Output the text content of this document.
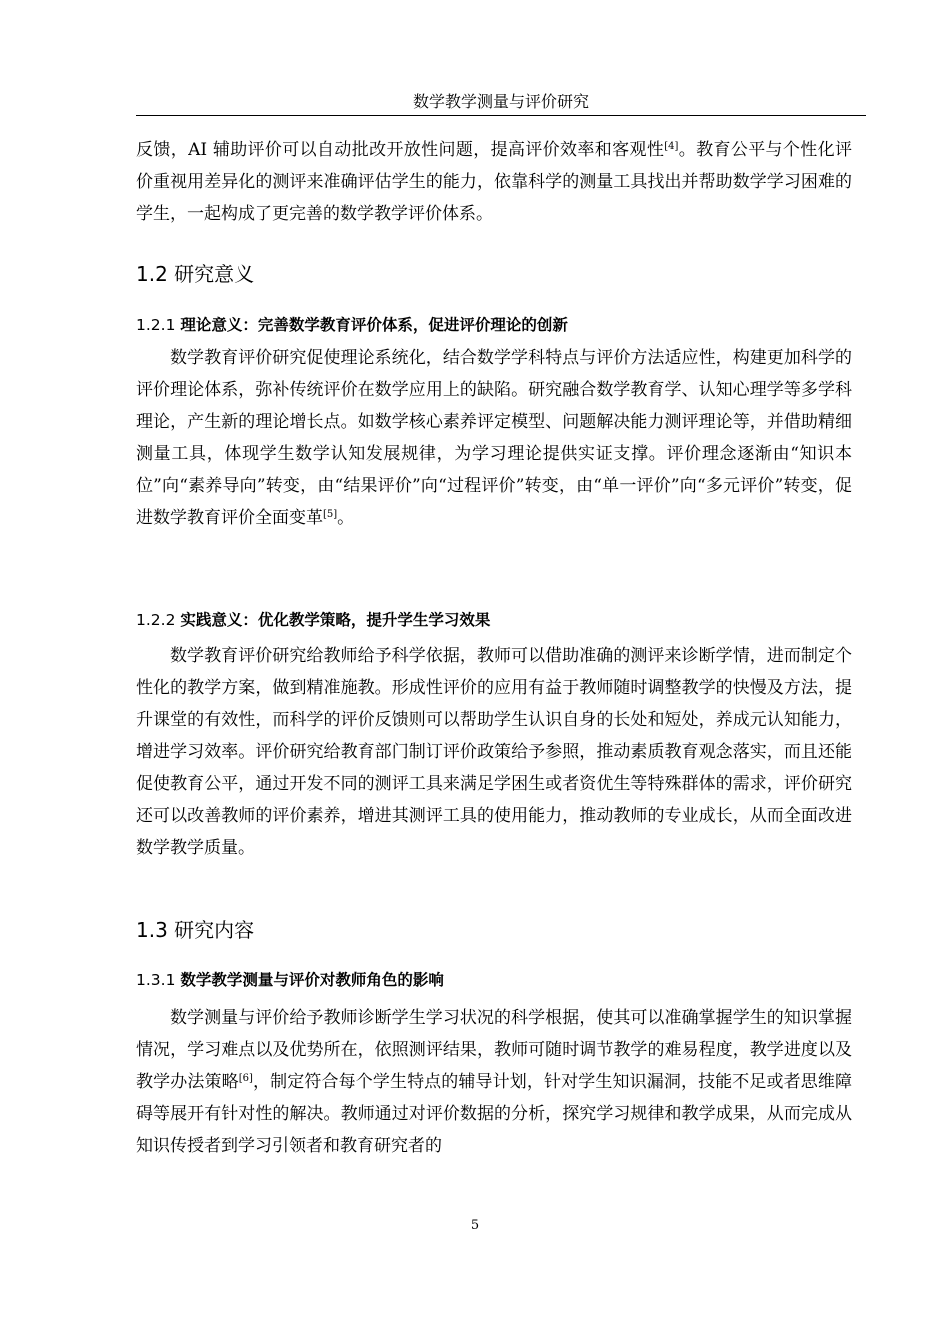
数学教学测量与评价研究
反馈，AI 辅助评价可以自动批改开放性问题，提高评价效率和客观性[4]。教育公平与个性化评价重视用差异化的测评来准确评估学生的能力，依靠科学的测量工具找出并帮助数学学习困难的学生，一起构成了更完善的数学教学评价体系。
1.2 研究意义
1.2.1 理论意义：完善数学教育评价体系，促进评价理论的创新
数学教育评价研究促使理论系统化，结合数学学科特点与评价方法适应性，构建更加科学的评价理论体系，弥补传统评价在数学应用上的缺陷。研究融合数学教育学、认知心理学等多学科理论，产生新的理论增长点。如数学核心素养评定模型、问题解决能力测评理论等，并借助精细测量工具，体现学生数学认知发展规律，为学习理论提供实证支撑。评价理念逐渐由“知识本位”向“素养导向”转变，由“结果评价”向“过程评价”转变，由“单一评价”向“多元评价”转变，促进数学教育评价全面变革[5]。
1.2.2 实践意义：优化教学策略，提升学生学习效果
数学教育评价研究给教师给予科学依据，教师可以借助准确的测评来诊断学情，进而制定个性化的教学方案，做到精准施教。形成性评价的应用有益于教师随时调整教学的快慢及方法，提升课堂的有效性，而科学的评价反馈则可以帮助学生认识自身的长处和短处，养成元认知能力，增进学习效率。评价研究给教育部门制订评价政策给予参照，推动素质教育观念落实，而且还能促使教育公平，通过开发不同的测评工具来满足学困生或者资优生等特殊群体的需求，评价研究还可以改善教师的评价素养，增进其测评工具的使用能力，推动教师的专业成长，从而全面改进数学教学质量。
1.3 研究内容
1.3.1 数学教学测量与评价对教师角色的影响
数学测量与评价给予教师诊断学生学习状况的科学根据，使其可以准确掌握学生的知识掌握情况，学习难点以及优势所在，依照测评结果，教师可随时调节教学的难易程度，教学进度以及教学办法策略[6]，制定符合每个学生特点的辅导计划，针对学生知识漏洞，技能不足或者思维障碍等展开有针对性的解决。教师通过对评价数据的分析，探究学习规律和教学成果，从而完成从知识传授者到学习引领者和教育研究者的
5
